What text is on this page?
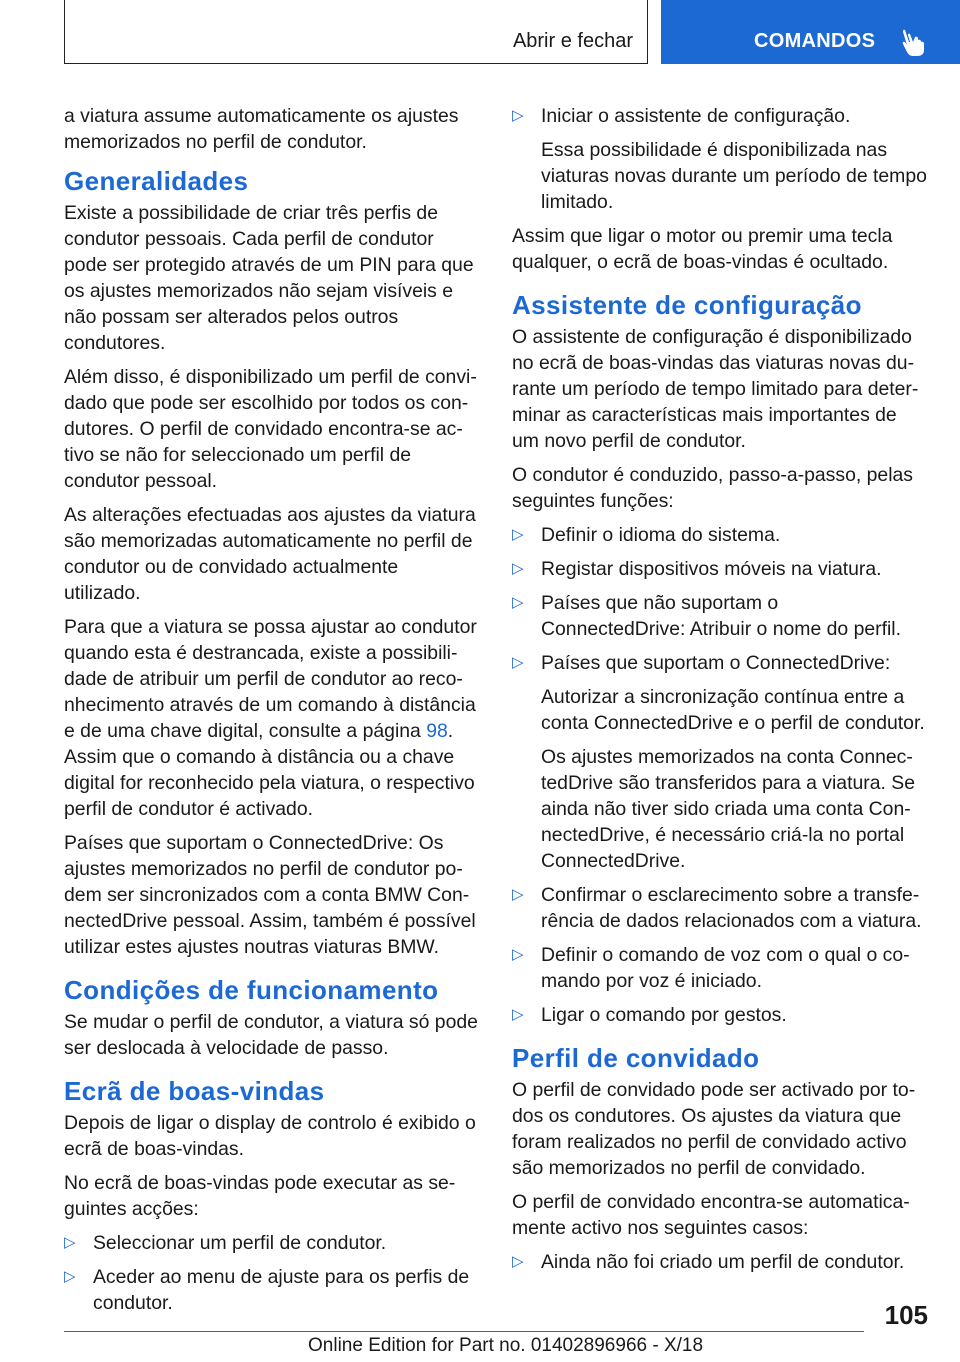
Abrir e fechar	COMANDOS

a viatura assume automaticamente os ajustes memorizados no perfil de condutor.

Generalidades

Existe a possibilidade de criar três perfis de condutor pessoais. Cada perfil de condutor pode ser protegido através de um PIN para que os ajustes memorizados não sejam visíveis e não possam ser alterados pelos outros condutores.

Além disso, é disponibilizado um perfil de convidado que pode ser escolhido por todos os condutores. O perfil de convidado encontra-se activo se não for seleccionado um perfil de condutor pessoal.

As alterações efectuadas aos ajustes da viatura são memorizadas automaticamente no perfil de condutor ou de convidado actualmente utilizado.

Para que a viatura se possa ajustar ao condutor quando esta é destrancada, existe a possibilidade de atribuir um perfil de condutor ao reconhecimento através de um comando à distância e de uma chave digital, consulte a página 98. Assim que o comando à distância ou a chave digital for reconhecido pela viatura, o respectivo perfil de condutor é activado.

Países que suportam o ConnectedDrive: Os ajustes memorizados no perfil de condutor podem ser sincronizados com a conta BMW ConnectedDrive pessoal. Assim, também é possível utilizar estes ajustes noutras viaturas BMW.

Condições de funcionamento

Se mudar o perfil de condutor, a viatura só pode ser deslocada à velocidade de passo.

Ecrã de boas-vindas

Depois de ligar o display de controlo é exibido o ecrã de boas-vindas.

No ecrã de boas-vindas pode executar as seguintes acções:

▷ Seleccionar um perfil de condutor.
▷ Aceder ao menu de ajuste para os perfis de condutor.
▷ Iniciar o assistente de configuração.
Essa possibilidade é disponibilizada nas viaturas novas durante um período de tempo limitado.

Assim que ligar o motor ou premir uma tecla qualquer, o ecrã de boas-vindas é ocultado.

Assistente de configuração

O assistente de configuração é disponibilizado no ecrã de boas-vindas das viaturas novas durante um período de tempo limitado para determinar as características mais importantes de um novo perfil de condutor.

O condutor é conduzido, passo-a-passo, pelas seguintes funções:

▷ Definir o idioma do sistema.
▷ Registar dispositivos móveis na viatura.
▷ Países que não suportam o ConnectedDrive: Atribuir o nome do perfil.
▷ Países que suportam o ConnectedDrive:
Autorizar a sincronização contínua entre a conta ConnectedDrive e o perfil de condutor.
Os ajustes memorizados na conta ConnectedDrive são transferidos para a viatura. Se ainda não tiver sido criada uma conta ConnectedDrive, é necessário criá-la no portal ConnectedDrive.
▷ Confirmar o esclarecimento sobre a transferência de dados relacionados com a viatura.
▷ Definir o comando de voz com o qual o comando por voz é iniciado.
▷ Ligar o comando por gestos.
Perfil de convidado

O perfil de convidado pode ser activado por todos os condutores. Os ajustes da viatura que foram realizados no perfil de convidado activo são memorizados no perfil de convidado.

O perfil de convidado encontra-se automaticamente activo nos seguintes casos:

▷ Ainda não foi criado um perfil de condutor.
105
Online Edition for Part no. 01402896966 - X/18
